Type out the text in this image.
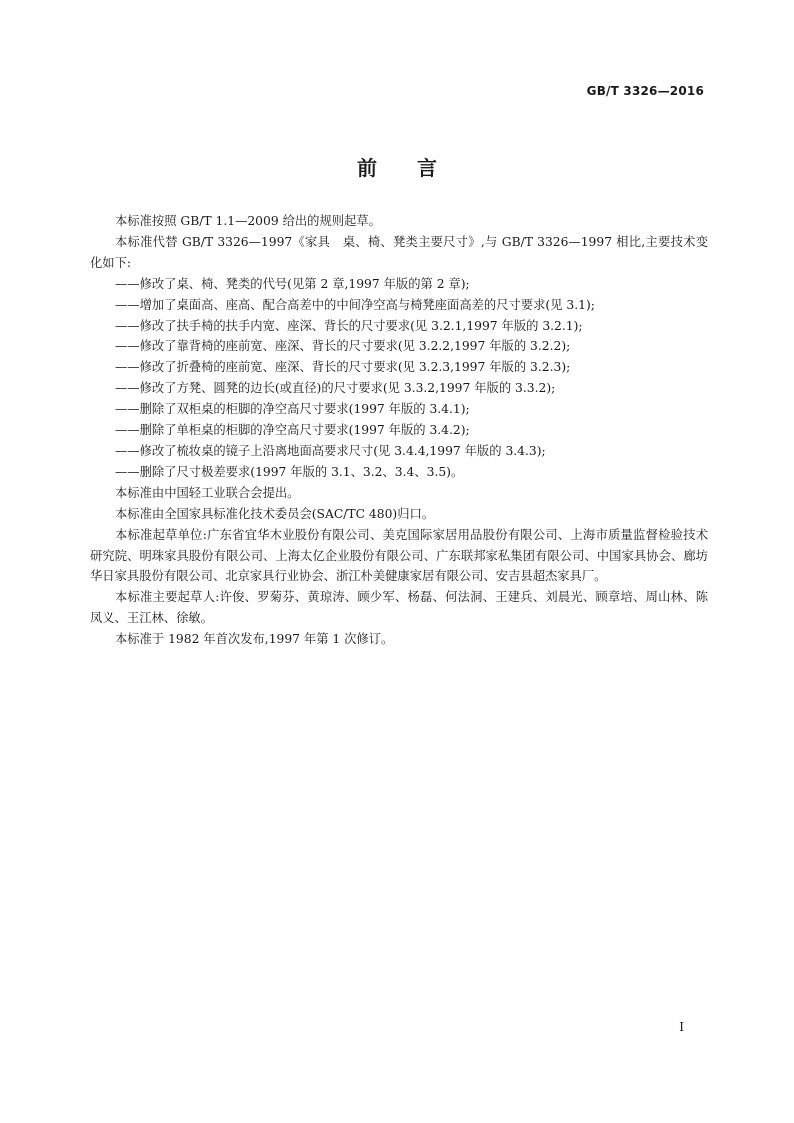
GB/T 3326—2016
前言

本标准按照 GB/T 1.1—2009 给出的规则起草。

本标准代替 GB/T 3326—1997《家具　桌、椅、凳类主要尺寸》,与 GB/T 3326—1997 相比,主要技术变化如下:

——修改了桌、椅、凳类的代号(见第 2 章,1997 年版的第 2 章);

——增加了桌面高、座高、配合高差中的中间净空高与椅凳座面高差的尺寸要求(见 3.1);

——修改了扶手椅的扶手内宽、座深、背长的尺寸要求(见 3.2.1,1997 年版的 3.2.1);

——修改了靠背椅的座前宽、座深、背长的尺寸要求(见 3.2.2,1997 年版的 3.2.2);

——修改了折叠椅的座前宽、座深、背长的尺寸要求(见 3.2.3,1997 年版的 3.2.3);

——修改了方凳、圆凳的边长(或直径)的尺寸要求(见 3.3.2,1997 年版的 3.3.2);

——删除了双柜桌的柜脚的净空高尺寸要求(1997 年版的 3.4.1);

——删除了单柜桌的柜脚的净空高尺寸要求(1997 年版的 3.4.2);

——修改了梳妆桌的镜子上沿离地面高要求尺寸(见 3.4.4,1997 年版的 3.4.3);

——删除了尺寸极差要求(1997 年版的 3.1、3.2、3.4、3.5)。

本标准由中国轻工业联合会提出。

本标准由全国家具标准化技术委员会(SAC/TC 480)归口。

本标准起草单位:广东省宜华木业股份有限公司、美克国际家居用品股份有限公司、上海市质量监督检验技术研究院、明珠家具股份有限公司、上海太亿企业股份有限公司、广东联邦家私集团有限公司、中国家具协会、廊坊华日家具股份有限公司、北京家具行业协会、浙江朴美健康家居有限公司、安吉县超杰家具厂。

本标准主要起草人:许俊、罗菊芬、黄琼涛、顾少军、杨磊、何法洞、王建兵、刘晨光、顾章培、周山林、陈凤义、王江林、徐敏。

本标准于 1982 年首次发布,1997 年第 1 次修订。

I
